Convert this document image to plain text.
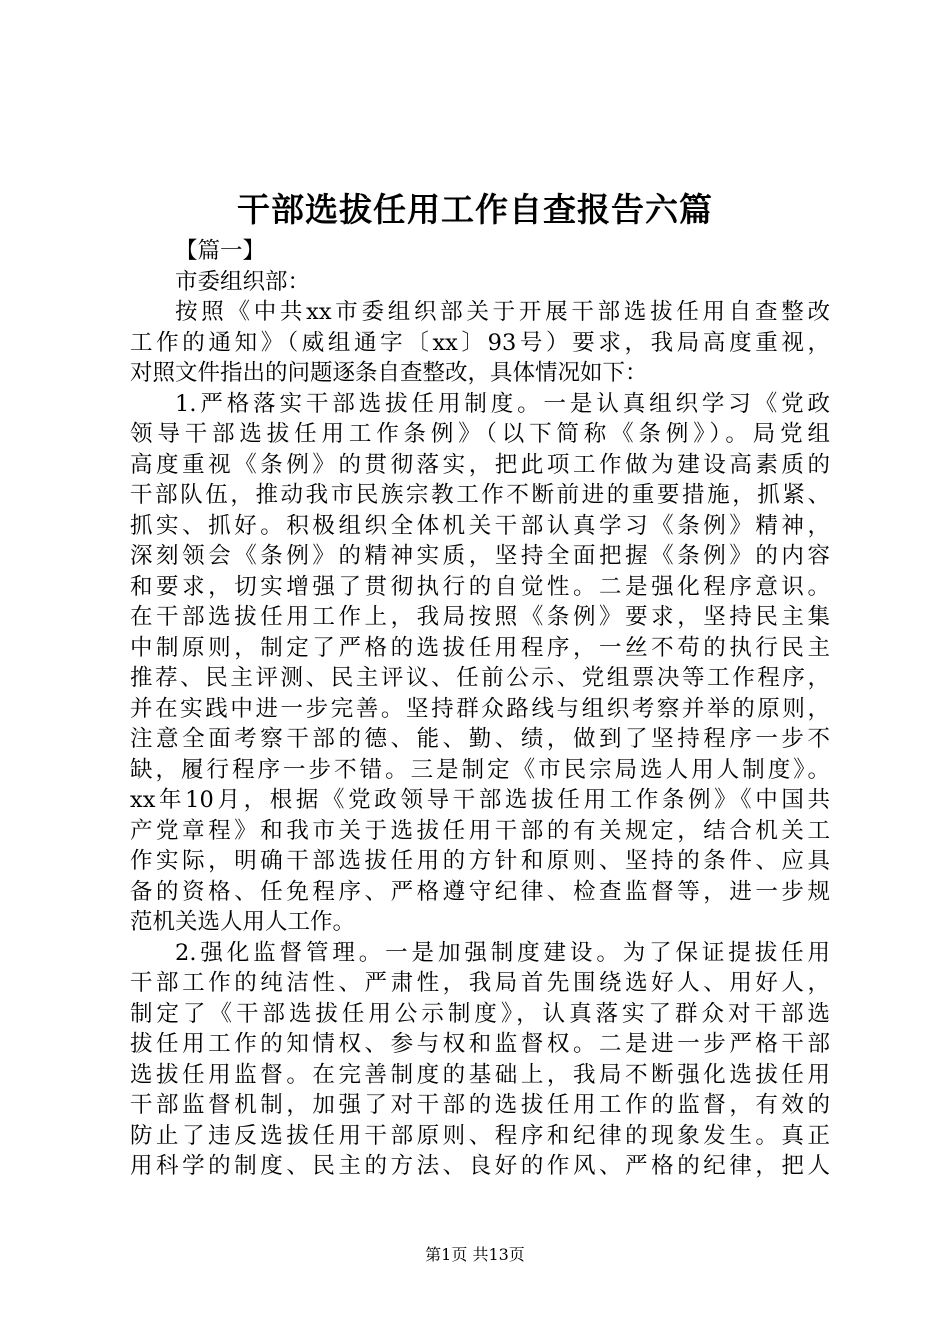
干部选拔任用工作自查报告六篇
【篇一】
市委组织部：
按照《中共xx市委组织部关于开展干部选拔任用自查整改
工作的通知》（威组通字〔xx〕93号）要求，我局高度重视，
对照文件指出的问题逐条自查整改，具体情况如下：
1.严格落实干部选拔任用制度。一是认真组织学习《党政
领导干部选拔任用工作条例》（以下简称《条例》）。局党组
高度重视《条例》的贯彻落实，把此项工作做为建设高素质的
干部队伍，推动我市民族宗教工作不断前进的重要措施，抓紧、
抓实、抓好。积极组织全体机关干部认真学习《条例》精神，
深刻领会《条例》的精神实质，坚持全面把握《条例》的内容
和要求，切实增强了贯彻执行的自觉性。二是强化程序意识。
在干部选拔任用工作上，我局按照《条例》要求，坚持民主集
中制原则，制定了严格的选拔任用程序，一丝不苟的执行民主
推荐、民主评测、民主评议、任前公示、党组票决等工作程序，
并在实践中进一步完善。坚持群众路线与组织考察并举的原则，
注意全面考察干部的德、能、勤、绩，做到了坚持程序一步不
缺，履行程序一步不错。三是制定《市民宗局选人用人制度》。
xx年10月，根据《党政领导干部选拔任用工作条例》《中国共
产党章程》和我市关于选拔任用干部的有关规定，结合机关工
作实际，明确干部选拔任用的方针和原则、坚持的条件、应具
备的资格、任免程序、严格遵守纪律、检查监督等，进一步规
范机关选人用人工作。
2.强化监督管理。一是加强制度建设。为了保证提拔任用
干部工作的纯洁性、严肃性，我局首先围绕选好人、用好人，
制定了《干部选拔任用公示制度》，认真落实了群众对干部选
拔任用工作的知情权、参与权和监督权。二是进一步严格干部
选拔任用监督。在完善制度的基础上，我局不断强化选拔任用
干部监督机制，加强了对干部的选拔任用工作的监督，有效的
防止了违反选拔任用干部原则、程序和纪律的现象发生。真正
用科学的制度、民主的方法、良好的作风、严格的纪律，把人
第1页 共13页
